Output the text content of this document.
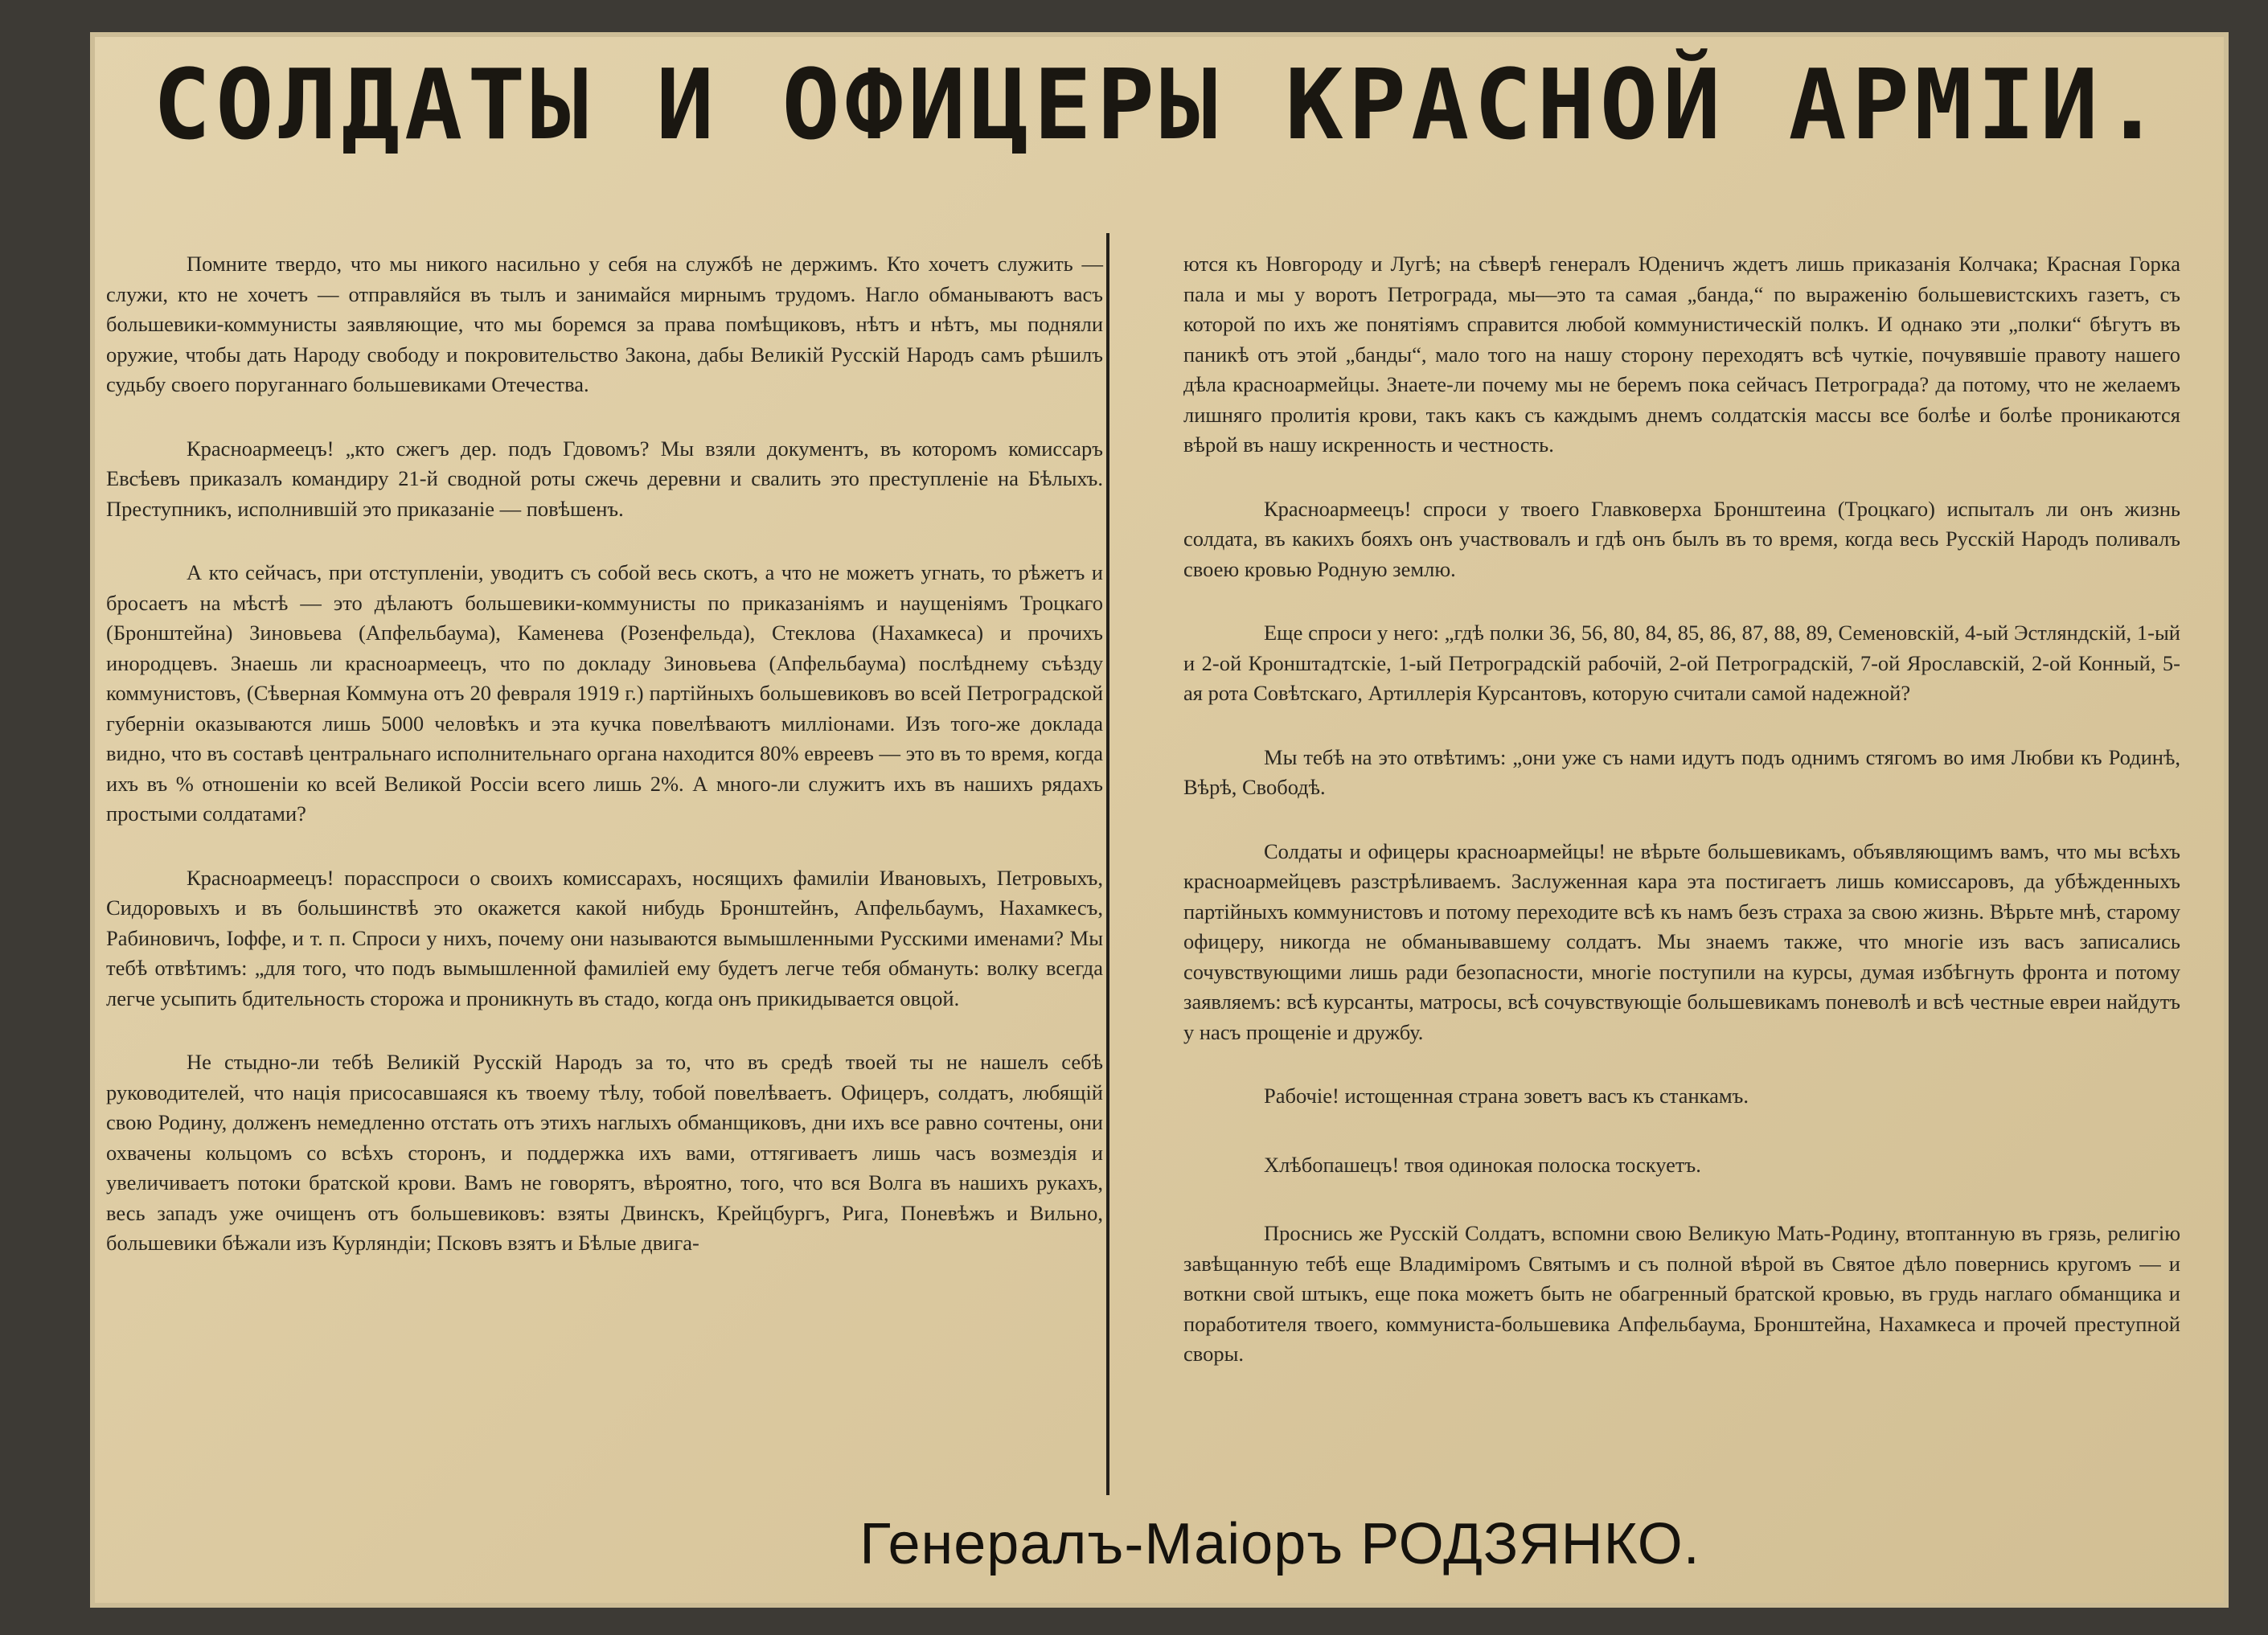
СОЛДАТЫ И ОФИЦЕРЫ КРАСНОЙ АРМIИ.

Помните твердо, что мы никого насильно у себя на службѣ не держимъ. Кто хочетъ служить — служи, кто не хочетъ — отправляйся въ тылъ и занимайся мирнымъ трудомъ. Нагло обманываютъ васъ большевики-коммунисты заявляющие, что мы боремся за права помѣщиковъ, нѣтъ и нѣтъ, мы подняли оружие, чтобы дать Народу свободу и покровительство Закона, дабы Великiй Русскiй Народъ самъ рѣшилъ судьбу своего поруганнаго большевиками Отечества.

Красноармеецъ! „кто сжегъ дер. подъ Гдовомъ? Мы взяли документъ, въ которомъ комиссаръ Евсѣевъ приказалъ командиру 21-й сводной роты сжечь деревни и свалить это преступленiе на Бѣлыхъ. Преступникъ, исполнившiй это приказанiе — повѣшенъ.

А кто сейчасъ, при отступленiи, уводитъ съ собой весь скотъ, а что не можетъ угнать, то рѣжетъ и бросаетъ на мѣстѣ — это дѣлаютъ большевики-коммунисты по приказанiямъ и наущенiямъ Троцкаго (Бронштейна) Зиновьева (Апфельбаума), Каменева (Розенфельда), Стеклова (Нахамкеса) и прочихъ инородцевъ. Знаешь ли красноармеецъ, что по докладу Зиновьева (Апфельбаума) послѣднему съѣзду коммунистовъ, (Сѣверная Коммуна отъ 20 февраля 1919 г.) партiйныхъ большевиковъ во всей Петроградской губернiи оказываются лишь 5000 человѣкъ и эта кучка повелѣваютъ миллiонами. Изъ того-же доклада видно, что въ составѣ центральнаго исполнительнаго органа находится 80% евреевъ — это въ то время, когда ихъ въ % отношенiи ко всей Великой Россiи всего лишь 2%. А много-ли служитъ ихъ въ нашихъ рядахъ простыми солдатами?

Красноармеецъ! порасспроси о своихъ комиссарахъ, носящихъ фамилiи Ивановыхъ, Петровыхъ, Сидоровыхъ и въ большинствѣ это окажется какой нибудь Бронштейнъ, Апфельбаумъ, Нахамкесъ, Рабиновичъ, Iоффе, и т. п. Спроси у нихъ, почему они называются вымышленными Русскими именами? Мы тебѣ отвѣтимъ: „для того, что подъ вымышленной фамилiей ему будетъ легче тебя обмануть: волку всегда легче усыпить бдительность сторожа и проникнуть въ стадо, когда онъ прикидывается овцой.

Не стыдно-ли тебѣ Великiй Русскiй Народъ за то, что въ средѣ твоей ты не нашелъ себѣ руководителей, что нацiя присосавшаяся къ твоему тѣлу, тобой повелѣваетъ. Офицеръ, солдатъ, любящiй свою Родину, долженъ немедленно отстать отъ этихъ наглыхъ обманщиковъ, дни ихъ все равно сочтены, они охвачены кольцомъ со всѣхъ сторонъ, и поддержка ихъ вами, оттягиваетъ лишь часъ возмездiя и увеличиваетъ потоки братской крови. Вамъ не говорятъ, вѣроятно, того, что вся Волга въ нашихъ рукахъ, весь западъ уже очищенъ отъ большевиковъ: взяты Двинскъ, Крейцбургъ, Рига, Поневѣжъ и Вильно, большевики бѣжали изъ Курляндiи; Псковъ взятъ и Бѣлые двига-

ются къ Новгороду и Лугѣ; на сѣверѣ генералъ Юденичъ ждетъ лишь приказанiя Колчака; Красная Горка пала и мы у воротъ Петрограда, мы—это та самая „банда,“ по выраженiю большевистскихъ газетъ, съ которой по ихъ же понятiямъ справится любой коммунистическiй полкъ. И однако эти „полки“ бѣгутъ въ паникѣ отъ этой „банды“, мало того на нашу сторону переходятъ всѣ чуткiе, почувявшiе правоту нашего дѣла красноармейцы. Знаете-ли почему мы не беремъ пока сейчасъ Петрограда? да потому, что не желаемъ лишняго пролитiя крови, такъ какъ съ каждымъ днемъ солдатскiя массы все болѣе и болѣе проникаются вѣрой въ нашу искренность и честность.

Красноармеецъ! спроси у твоего Главковерха Бронштеина (Троцкаго) испыталъ ли онъ жизнь солдата, въ какихъ бояхъ онъ участвовалъ и гдѣ онъ былъ въ то время, когда весь Русскiй Народъ поливалъ своею кровью Родную землю.

Еще спроси у него: „гдѣ полки 36, 56, 80, 84, 85, 86, 87, 88, 89, Семеновскiй, 4-ый Эстляндскiй, 1-ый и 2-ой Кронштадтскiе, 1-ый Петроградскiй рабочiй, 2-ой Петроградскiй, 7-ой Ярославскiй, 2-ой Конный, 5-ая рота Совѣтскаго, Артиллерiя Курсантовъ, которую считали самой надежной?

Мы тебѣ на это отвѣтимъ: „они уже съ нами идутъ подъ однимъ стягомъ во имя Любви къ Родинѣ, Вѣрѣ, Свободѣ.

Солдаты и офицеры красноармейцы! не вѣрьте большевикамъ, объявляющимъ вамъ, что мы всѣхъ красноармейцевъ разстрѣливаемъ. Заслуженная кара эта постигаетъ лишь комиссаровъ, да убѣжденныхъ партiйныхъ коммунистовъ и потому переходите всѣ къ намъ безъ страха за свою жизнь. Вѣрьте мнѣ, старому офицеру, никогда не обманывавшему солдатъ. Мы знаемъ также, что многiе изъ васъ записались сочувствующими лишь ради безопасности, многiе поступили на курсы, думая избѣгнуть фронта и потому заявляемъ: всѣ курсанты, матросы, всѣ сочувствующiе большевикамъ поневолѣ и всѣ честные евреи найдутъ у насъ прощенiе и дружбу.

Рабочiе! истощенная страна зоветъ васъ къ станкамъ.

Хлѣбопашецъ! твоя одинокая полоска тоскуетъ.

Проснись же Русскiй Солдатъ, вспомни свою Великую Мать-Родину, втоптанную въ грязь, религiю завѣщанную тебѣ еще Владимiромъ Святымъ и съ полной вѣрой въ Святое дѣло повернись кругомъ — и воткни свой штыкъ, еще пока можетъ быть не обагренный братской кровью, въ грудь наглаго обманщика и поработителя твоего, коммуниста-большевика Апфельбаума, Бронштейна, Нахамкеса и прочей преступной своры.

Генералъ-Маiоръ РОДЗЯНКО.
